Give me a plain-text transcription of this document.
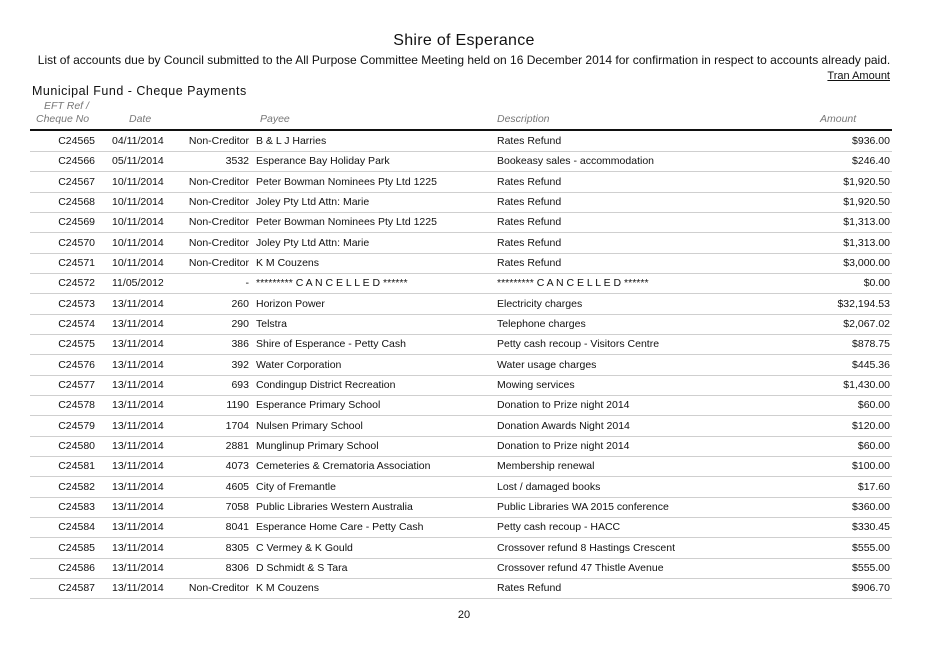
Shire of Esperance
List of accounts due by Council submitted to the All Purpose Committee Meeting held on 16 December 2014 for confirmation in respect to accounts already paid.
Tran Amount
Municipal Fund - Cheque Payments
EFT Ref /
Cheque No	Date	Payee	Description	Amount
C24565 04/11/2014	Non-Creditor B & L J Harries	Rates Refund	$936.00
C24566 05/11/2014	3532 Esperance Bay Holiday Park	Bookeasy sales - accommodation	$246.40
C24567 10/11/2014	Non-Creditor Peter Bowman Nominees Pty Ltd 1225	Rates Refund	$1,920.50
C24568 10/11/2014	Non-Creditor Joley Pty Ltd Attn: Marie	Rates Refund	$1,920.50
C24569 10/11/2014	Non-Creditor Peter Bowman Nominees Pty Ltd 1225	Rates Refund	$1,313.00
C24570 10/11/2014	Non-Creditor Joley Pty Ltd Attn: Marie	Rates Refund	$1,313.00
C24571 10/11/2014	Non-Creditor K M Couzens	Rates Refund	$3,000.00
C24572 11/05/2012	- ********* C A N C E L L E D ******	********* C A N C E L L E D ******	$0.00
C24573 13/11/2014	260 Horizon Power	Electricity charges	$32,194.53
C24574 13/11/2014	290 Telstra	Telephone charges	$2,067.02
C24575 13/11/2014	386 Shire of Esperance - Petty Cash	Petty cash recoup - Visitors Centre	$878.75
C24576 13/11/2014	392 Water Corporation	Water usage charges	$445.36
C24577 13/11/2014	693 Condingup District Recreation	Mowing services	$1,430.00
C24578 13/11/2014	1190 Esperance Primary School	Donation to Prize night 2014	$60.00
C24579 13/11/2014	1704 Nulsen Primary School	Donation Awards Night 2014	$120.00
C24580 13/11/2014	2881 Munglinup Primary School	Donation to Prize night 2014	$60.00
C24581 13/11/2014	4073 Cemeteries & Crematoria Association	Membership renewal	$100.00
C24582 13/11/2014	4605 City of Fremantle	Lost / damaged books	$17.60
C24583 13/11/2014	7058 Public Libraries Western Australia	Public Libraries WA 2015 conference	$360.00
C24584 13/11/2014	8041 Esperance Home Care - Petty Cash	Petty cash recoup - HACC	$330.45
C24585 13/11/2014	8305 C Vermey & K Gould	Crossover refund 8 Hastings Crescent	$555.00
C24586 13/11/2014	8306 D Schmidt & S Tara	Crossover refund 47 Thistle Avenue	$555.00
C24587 13/11/2014	Non-Creditor K M Couzens	Rates Refund	$906.70
20
